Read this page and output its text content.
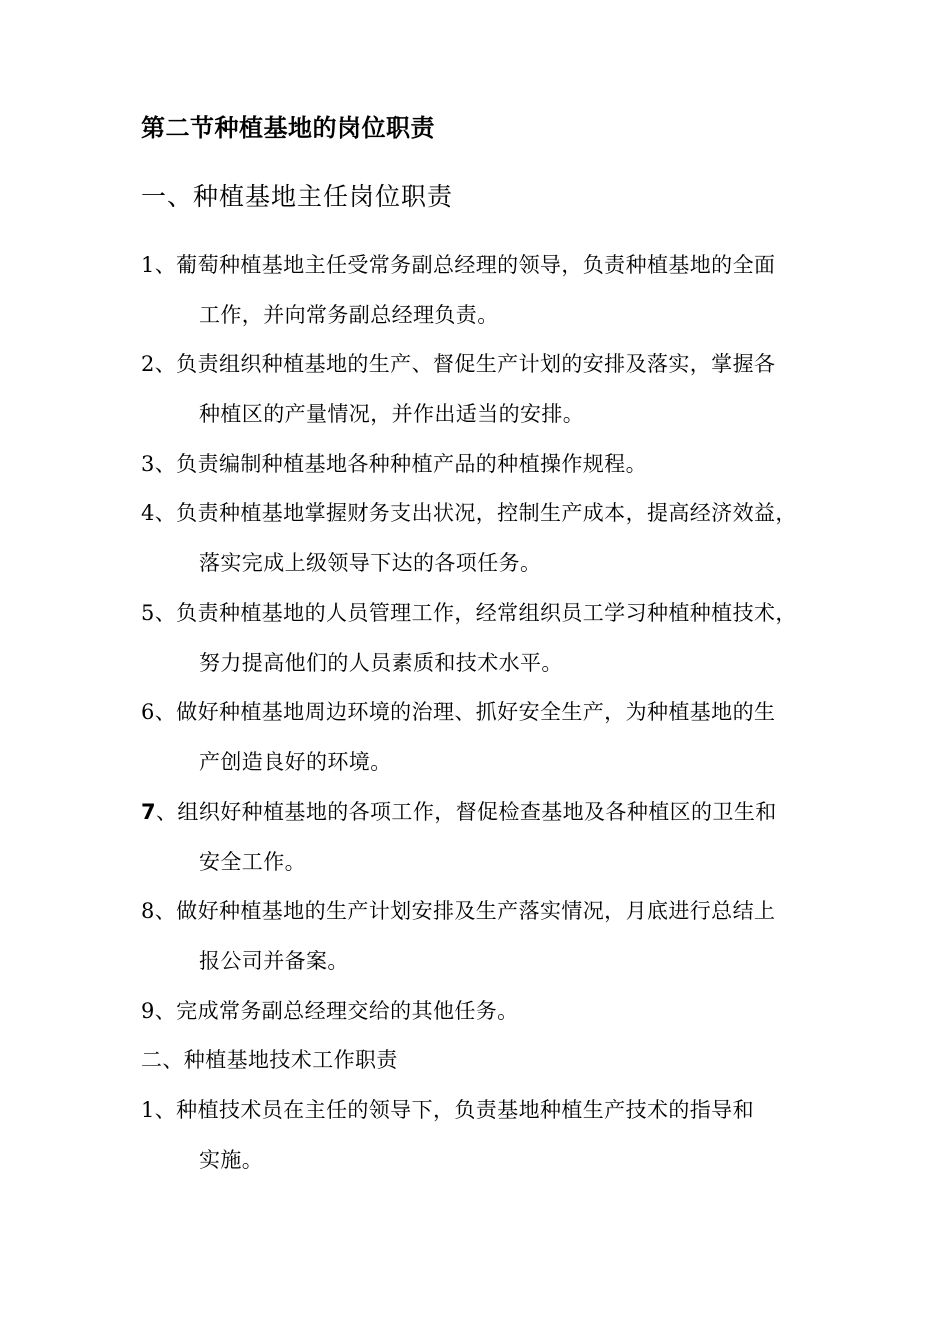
第二节种植基地的岗位职责
一、种植基地主任岗位职责
1、葡萄种植基地主任受常务副总经理的领导，负责种植基地的全面
工作，并向常务副总经理负责。
2、负责组织种植基地的生产、督促生产计划的安排及落实，掌握各
种植区的产量情况，并作出适当的安排。
3、负责编制种植基地各种种植产品的种植操作规程。
4、负责种植基地掌握财务支出状况，控制生产成本，提高经济效益，
落实完成上级领导下达的各项任务。
5、负责种植基地的人员管理工作，经常组织员工学习种植种植技术，
努力提高他们的人员素质和技术水平。
6、做好种植基地周边环境的治理、抓好安全生产，为种植基地的生
产创造良好的环境。
7、组织好种植基地的各项工作，督促检查基地及各种植区的卫生和
安全工作。
8、做好种植基地的生产计划安排及生产落实情况，月底进行总结上
报公司并备案。
9、完成常务副总经理交给的其他任务。
二、种植基地技术工作职责
1、种植技术员在主任的领导下，负责基地种植生产技术的指导和
实施。
